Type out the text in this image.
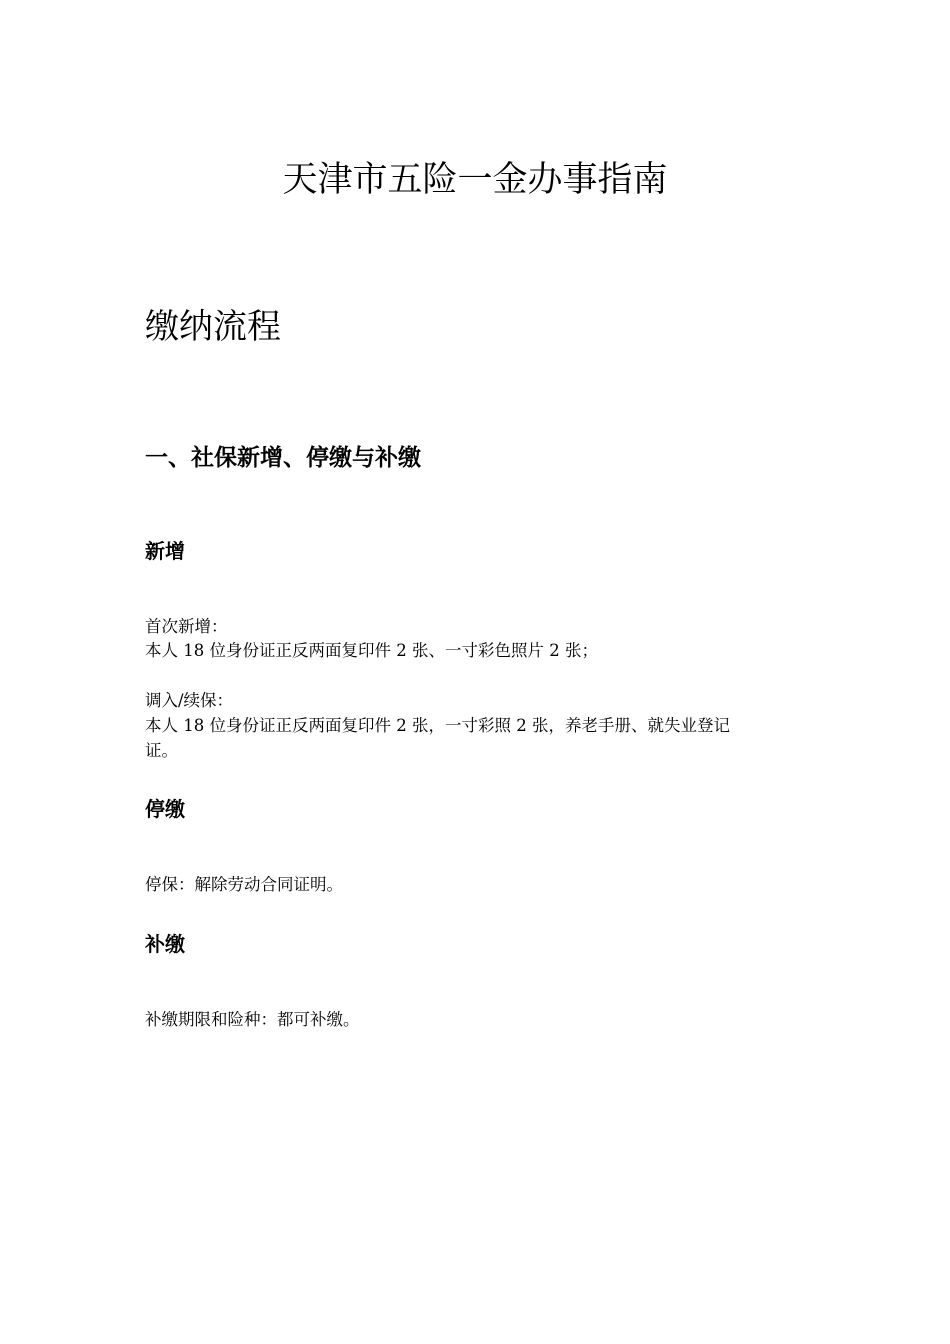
天津市五险一金办事指南
缴纳流程
一、社保新增、停缴与补缴
新增

首次新增：

本人 18 位身份证正反两面复印件 2 张、一寸彩色照片 2 张；

调入/续保：

本人 18 位身份证正反两面复印件 2 张，一寸彩照 2 张，养老手册、就失业登记

证。

停缴

停保：解除劳动合同证明。

补缴

补缴期限和险种：都可补缴。
